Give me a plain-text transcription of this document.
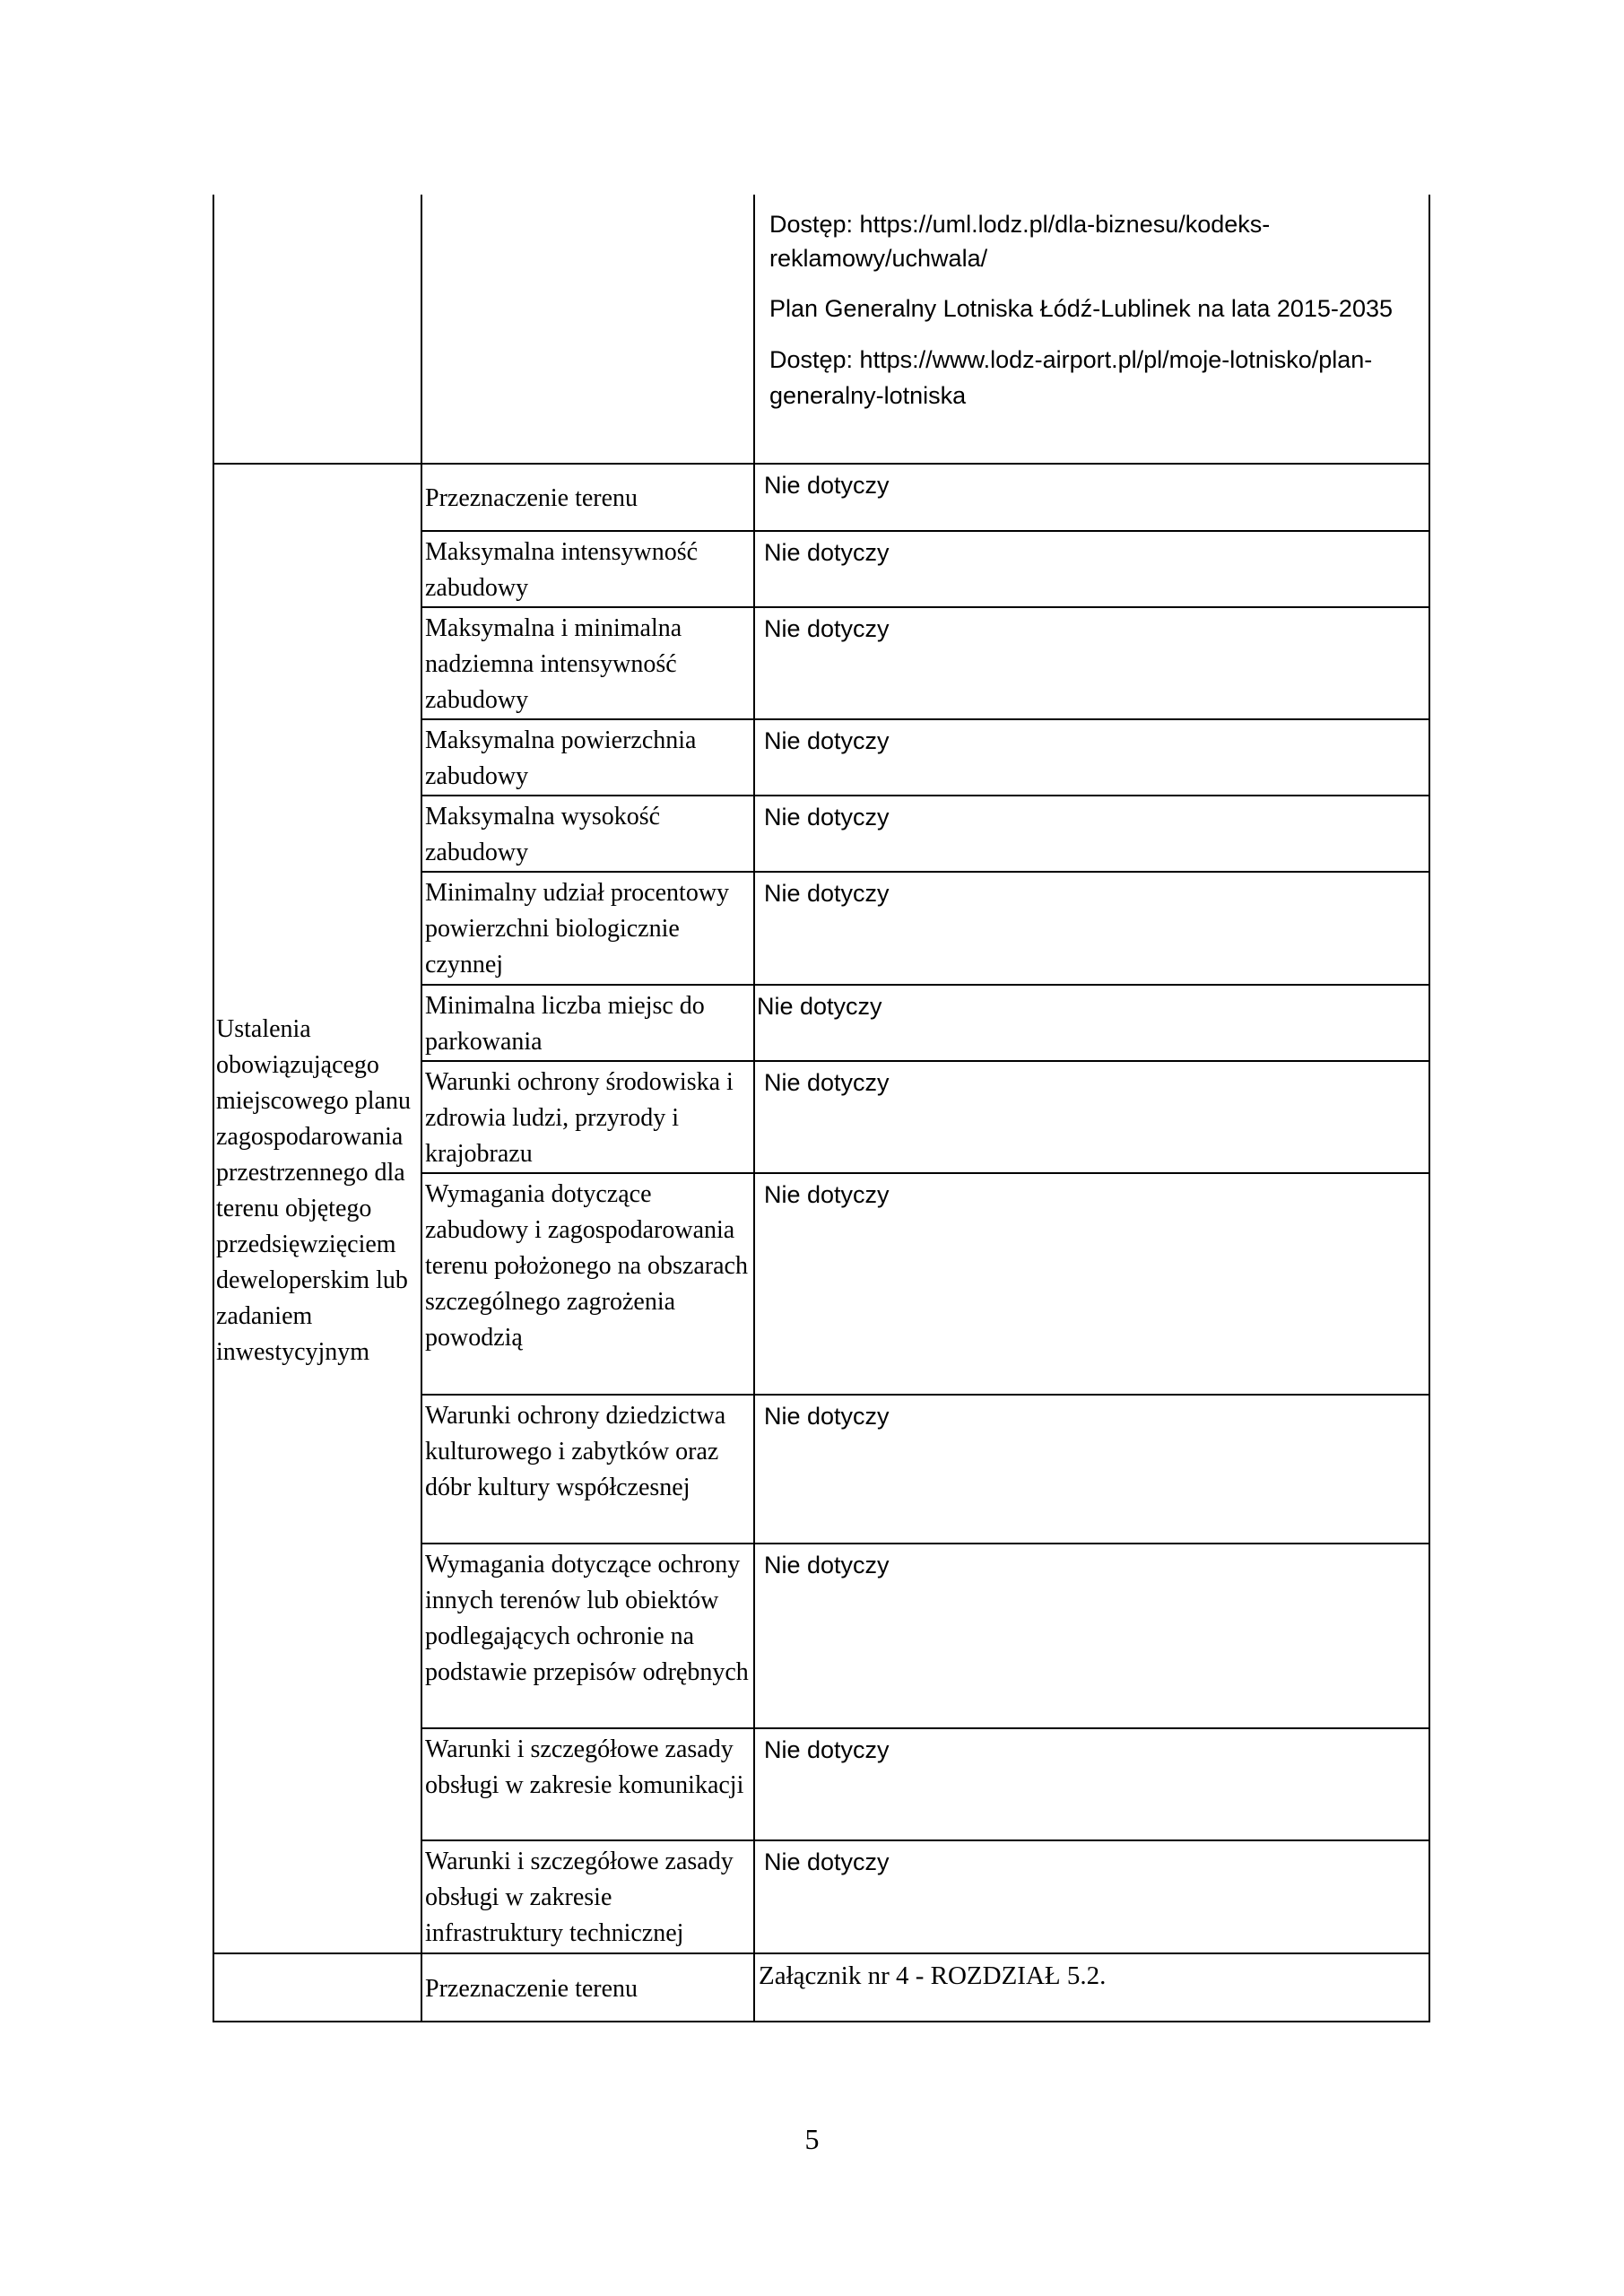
		Dostęp: https://uml.lodz.pl/dla-biznesu/kodeks-reklamowy/uchwala/

Plan Generalny Lotniska Łódź-Lublinek na lata 2015-2035

Dostęp: https://www.lodz-airport.pl/pl/moje-lotnisko/plan-generalny-lotniska

Ustalenia obowiązującego miejscowego planu zagospodarowania przestrzennego dla terenu objętego przedsięwzięciem deweloperskim lub zadaniem inwestycyjnym	Przeznaczenie terenu	Nie dotyczy
	Maksymalna intensywność zabudowy	Nie dotyczy
	Maksymalna i minimalna nadziemna intensywność zabudowy	Nie dotyczy
	Maksymalna powierzchnia zabudowy	Nie dotyczy
	Maksymalna wysokość zabudowy	Nie dotyczy
	Minimalny udział procentowy powierzchni biologicznie czynnej	Nie dotyczy
	Minimalna liczba miejsc do parkowania	Nie dotyczy
	Warunki ochrony środowiska i zdrowia ludzi, przyrody i krajobrazu	Nie dotyczy
	Wymagania dotyczące zabudowy i zagospodarowania terenu położonego na obszarach szczególnego zagrożenia powodzią	Nie dotyczy
	Warunki ochrony dziedzictwa kulturowego i zabytków oraz dóbr kultury współczesnej	Nie dotyczy
	Wymagania dotyczące ochrony innych terenów lub obiektów podlegających ochronie na podstawie przepisów odrębnych	Nie dotyczy
	Warunki i szczegółowe zasady obsługi w zakresie komunikacji	Nie dotyczy
	Warunki i szczegółowe zasady obsługi w zakresie infrastruktury technicznej	Nie dotyczy
	Przeznaczenie terenu	Załącznik nr 4 - ROZDZIAŁ 5.2.
5
